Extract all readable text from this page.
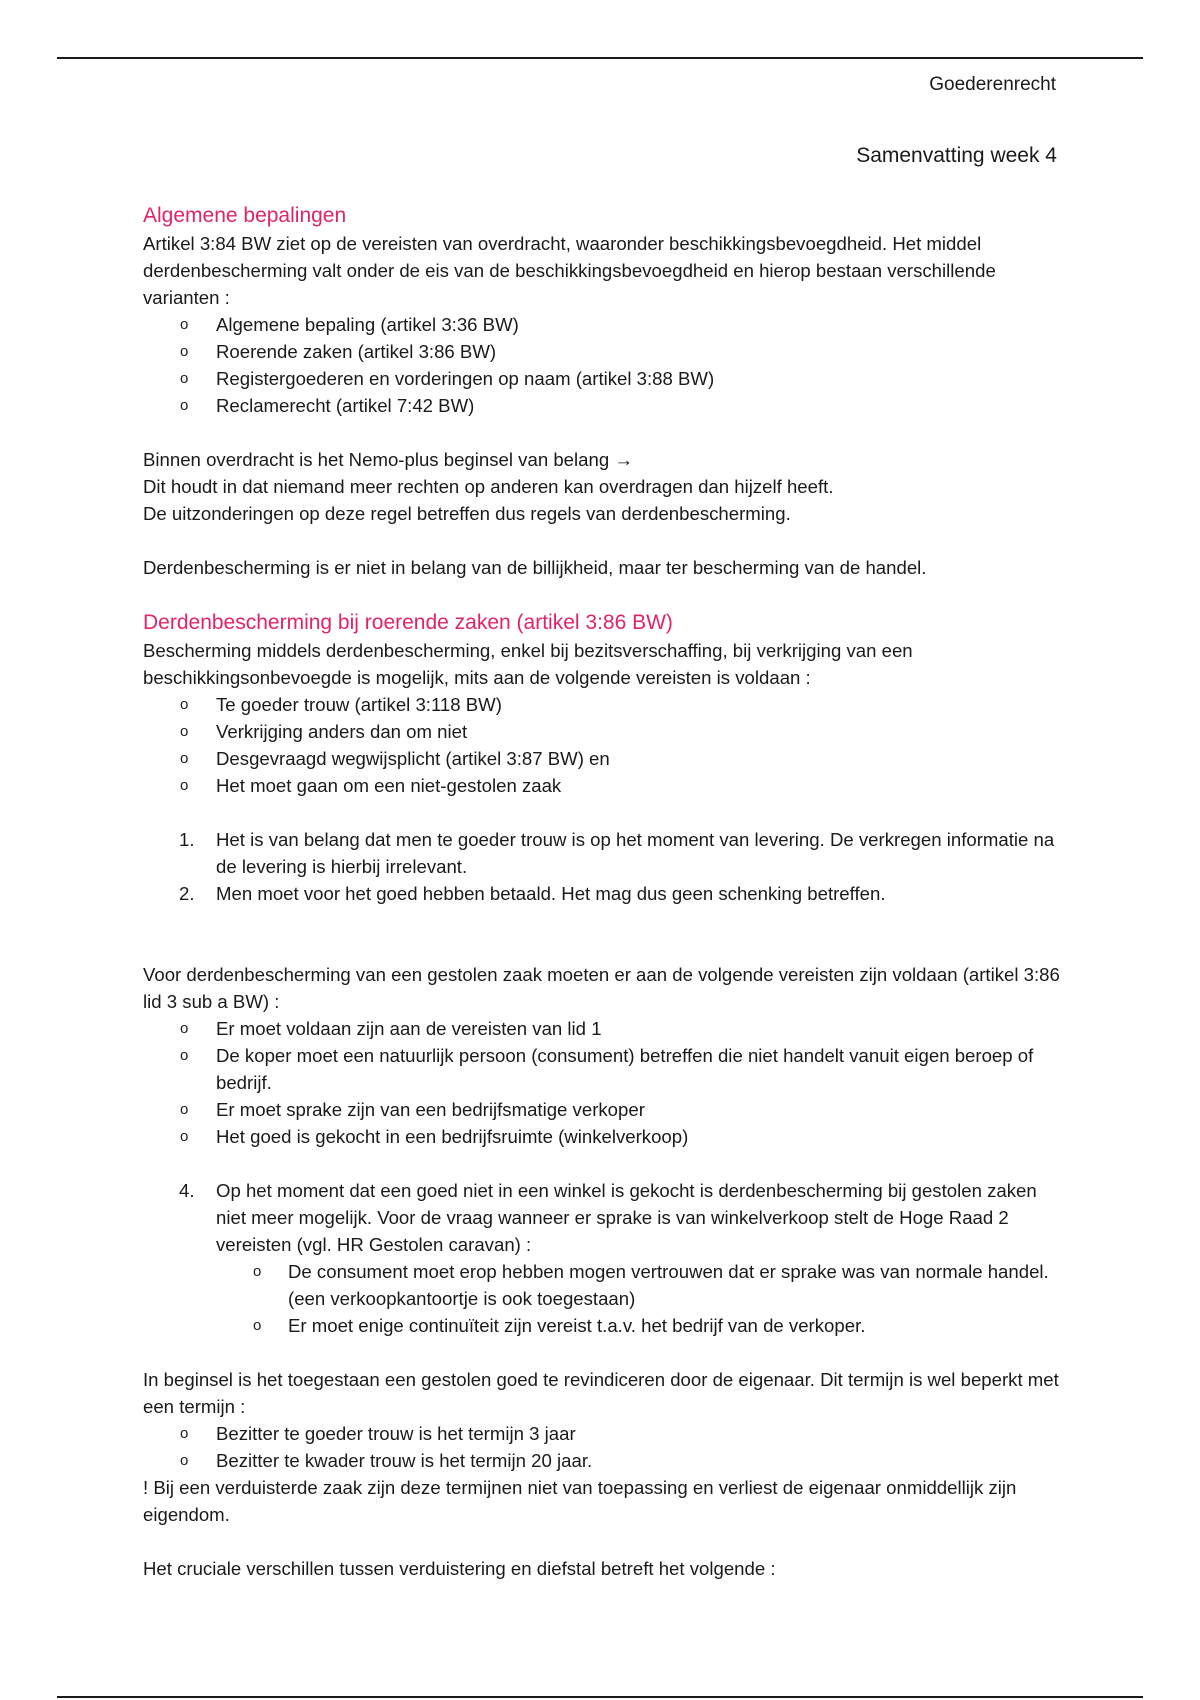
Goederenrecht
Samenvatting week 4
Algemene bepalingen

Artikel 3:84 BW ziet op de vereisten van overdracht, waaronder beschikkingsbevoegdheid. Het middel derdenbescherming valt onder de eis van de beschikkingsbevoegdheid en hierop bestaan verschillende varianten :

o Algemene bepaling (artikel 3:36 BW)
o Roerende zaken (artikel 3:86 BW)
o Registergoederen en vorderingen op naam (artikel 3:88 BW)
o Reclamerecht (artikel 7:42 BW)

Binnen overdracht is het Nemo-plus beginsel van belang →

Dit houdt in dat niemand meer rechten op anderen kan overdragen dan hijzelf heeft.

De uitzonderingen op deze regel betreffen dus regels van derdenbescherming.

Derdenbescherming is er niet in belang van de billijkheid, maar ter bescherming van de handel.

Derdenbescherming bij roerende zaken (artikel 3:86 BW)

Bescherming middels derdenbescherming, enkel bij bezitsverschaffing, bij verkrijging van een beschikkingsonbevoegde is mogelijk, mits aan de volgende vereisten is voldaan :

o Te goeder trouw (artikel 3:118 BW)
o Verkrijging anders dan om niet
o Desgevraagd wegwijsplicht (artikel 3:87 BW) en
o Het moet gaan om een niet-gestolen zaak
1. Het is van belang dat men te goeder trouw is op het moment van levering. De verkregen informatie na de levering is hierbij irrelevant.
2. Men moet voor het goed hebben betaald. Het mag dus geen schenking betreffen.

Voor derdenbescherming van een gestolen zaak moeten er aan de volgende vereisten zijn voldaan (artikel 3:86 lid 3 sub a BW) :

o Er moet voldaan zijn aan de vereisten van lid 1
o De koper moet een natuurlijk persoon (consument) betreffen die niet handelt vanuit eigen beroep of bedrijf.
o Er moet sprake zijn van een bedrijfsmatige verkoper
o Het goed is gekocht in een bedrijfsruimte (winkelverkoop)
4. Op het moment dat een goed niet in een winkel is gekocht is derdenbescherming bij gestolen zaken niet meer mogelijk. Voor de vraag wanneer er sprake is van winkelverkoop stelt de Hoge Raad 2 vereisten (vgl. HR Gestolen caravan) :
o De consument moet erop hebben mogen vertrouwen dat er sprake was van normale handel. (een verkoopkantoortje is ook toegestaan)
o Er moet enige continuïteit zijn vereist t.a.v. het bedrijf van de verkoper.

In beginsel is het toegestaan een gestolen goed te revindiceren door de eigenaar. Dit termijn is wel beperkt met een termijn :

o Bezitter te goeder trouw is het termijn 3 jaar
o Bezitter te kwader trouw is het termijn 20 jaar.

! Bij een verduisterde zaak zijn deze termijnen niet van toepassing en verliest de eigenaar onmiddellijk zijn eigendom.

Het cruciale verschillen tussen verduistering en diefstal betreft het volgende :
